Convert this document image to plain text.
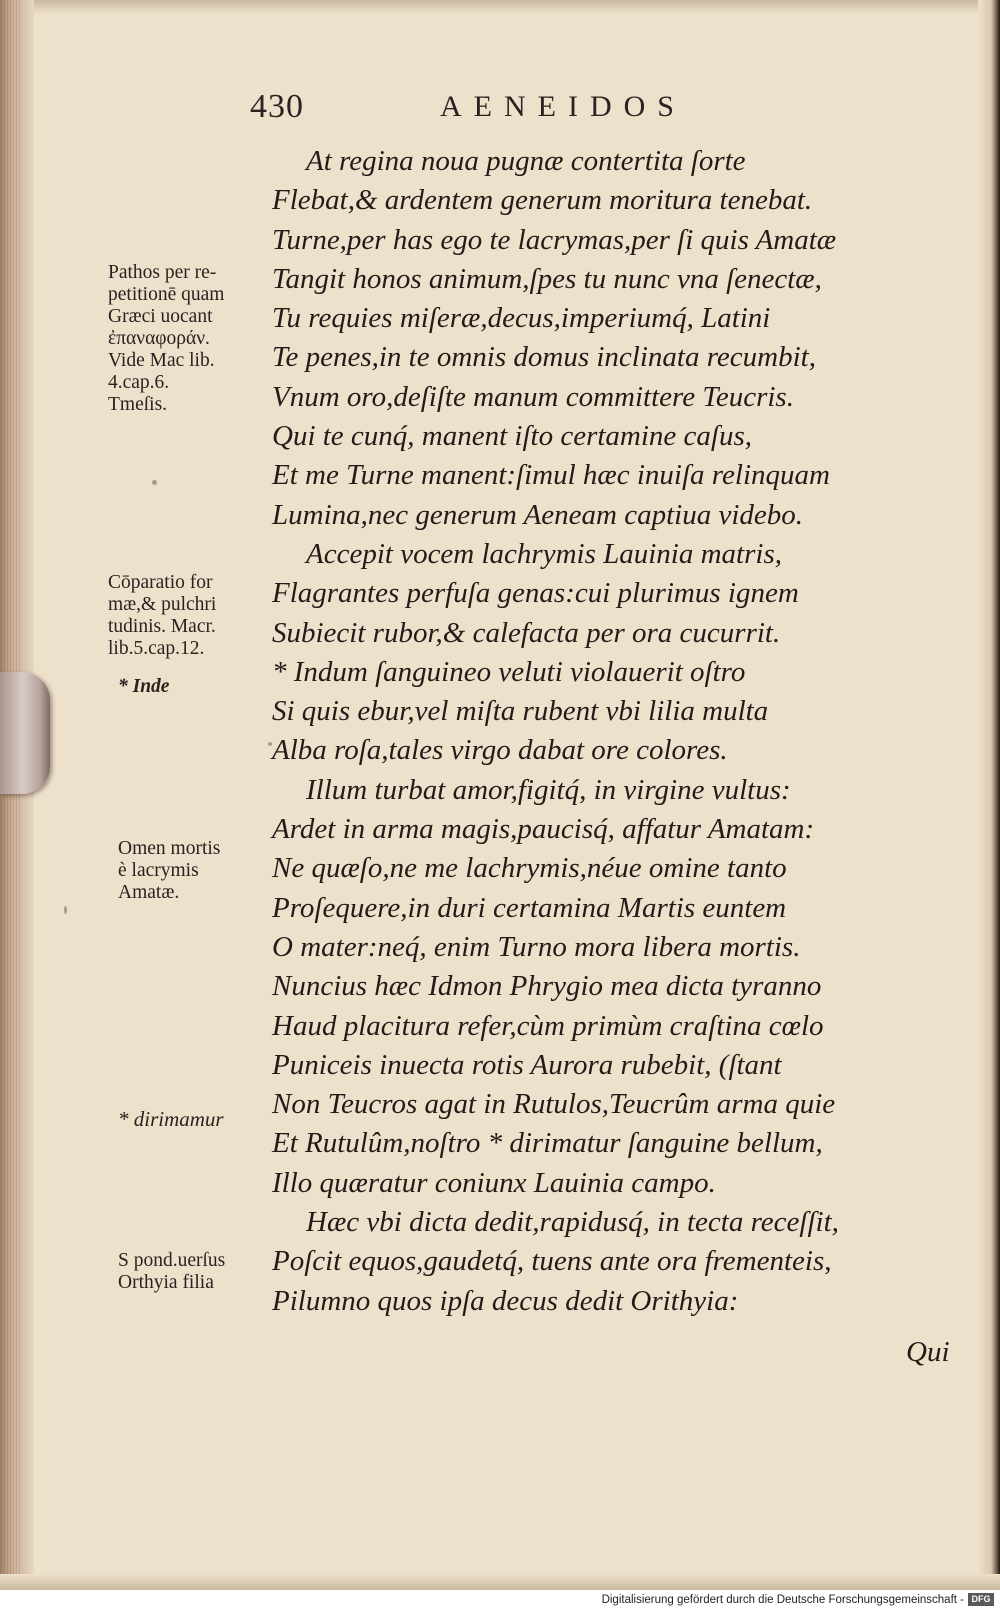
430	AENEIDOS
At regina noua pugnæ contertita ſorte
Flebat,& ardentem generum moritura tenebat.
Turne,per has ego te lacrymas,per ſi quis Amatæ
Tangit honos animum,ſpes tu nunc vna ſenectæ,
Tu requies miſeræ,decus,imperiumq́, Latini
Te penes,in te omnis domus inclinata recumbit,
Vnum oro,deſiſte manum committere Teucris.
Qui te cunq́, manent iſto certamine caſus,
Et me Turne manent:ſimul hæc inuiſa relinquam
Lumina,nec generum Aeneam captiua videbo.
Accepit vocem lachrymis Lauinia matris,
Flagrantes perfuſa genas:cui plurimus ignem
Subiecit rubor,& calefacta per ora cucurrit.
* Indum ſanguineo veluti violauerit oſtro
Si quis ebur,vel miſta rubent vbi lilia multa
Alba roſa,tales virgo dabat ore colores.
Illum turbat amor,figitq́, in virgine vultus:
Ardet in arma magis,paucisq́, affatur Amatam:
Ne quæſo,ne me lachrymis,néue omine tanto
Proſequere,in duri certamina Martis euntem
O mater:neq́, enim Turno mora libera mortis.
Nuncius hæc Idmon Phrygio mea dicta tyranno
Haud placitura refer,cùm primùm craſtina cœlo
Puniceis inuecta rotis Aurora rubebit, (ſtant
Non Teucros agat in Rutulos,Teucrûm arma quie
Et Rutulûm,noſtro * dirimatur ſanguine bellum,
Illo quæratur coniunx Lauinia campo.
Hæc vbi dicta dedit,rapidusq́, in tecta receſſit,
Poſcit equos,gaudetq́, tuens ante ora frementeis,
Pilumno quos ipſa decus dedit Orithyia:
Qui
Pathos per re-
petitionē quam
Græci uocant
ἐπαναφοράν.
Vide Mac lib.
4.cap.6.
Tmeſis.
Cōparatio for
mæ,& pulchri
tudinis. Macr.
lib.5.cap.12.
* Inde
Omen mortis
è lacrymis
Amatæ.
* dirimamur
S pond.uerſus
Orthyia filia
Digitalisierung gefördert durch die Deutsche Forschungsgemeinschaft - DFG
